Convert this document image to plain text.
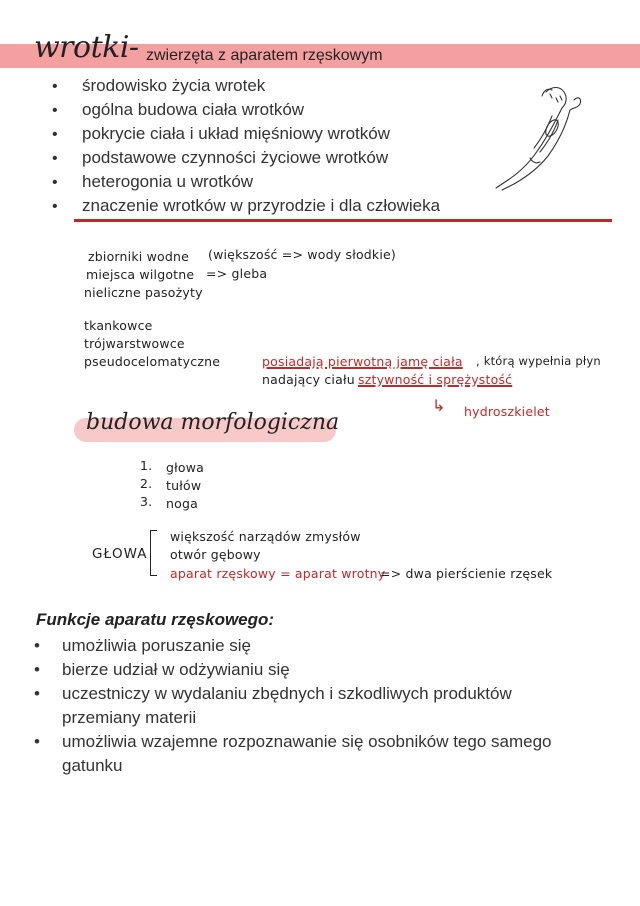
wrotki- zwierzęta z aparatem rzęskowym
• środowisko życia wrotek
• ogólna budowa ciała wrotków
• pokrycie ciała i układ mięśniowy wrotków
• podstawowe czynności życiowe wrotków
• heterogonia u wrotków
• znaczenie wrotków w przyrodzie i dla człowieka
zbiorniki wodne (większość => wody słodkie)
miejsca wilgotne => gleba
nieliczne pasożyty
tkankowce
trójwarstwowce
pseudocelomatyczne	posiadają pierwotną jamę ciała , którą wypełnia płyn
nadający ciału sztywność i sprężystość
↳ hydroszkielet
budowa morfologiczna
1. głowa
2. tułów
3. noga
GŁOWA
większość narządów zmysłów
otwór gębowy
aparat rzęskowy = aparat wrotny
=> dwa pierścienie rzęsek
Funkcje aparatu rzęskowego:
•	umożliwia poruszanie się
•	bierze udział w odżywianiu się
•	uczestniczy w wydalaniu zbędnych i szkodliwych produktów przemiany materii
•	umożliwia wzajemne rozpoznawanie się osobników tego samego gatunku
